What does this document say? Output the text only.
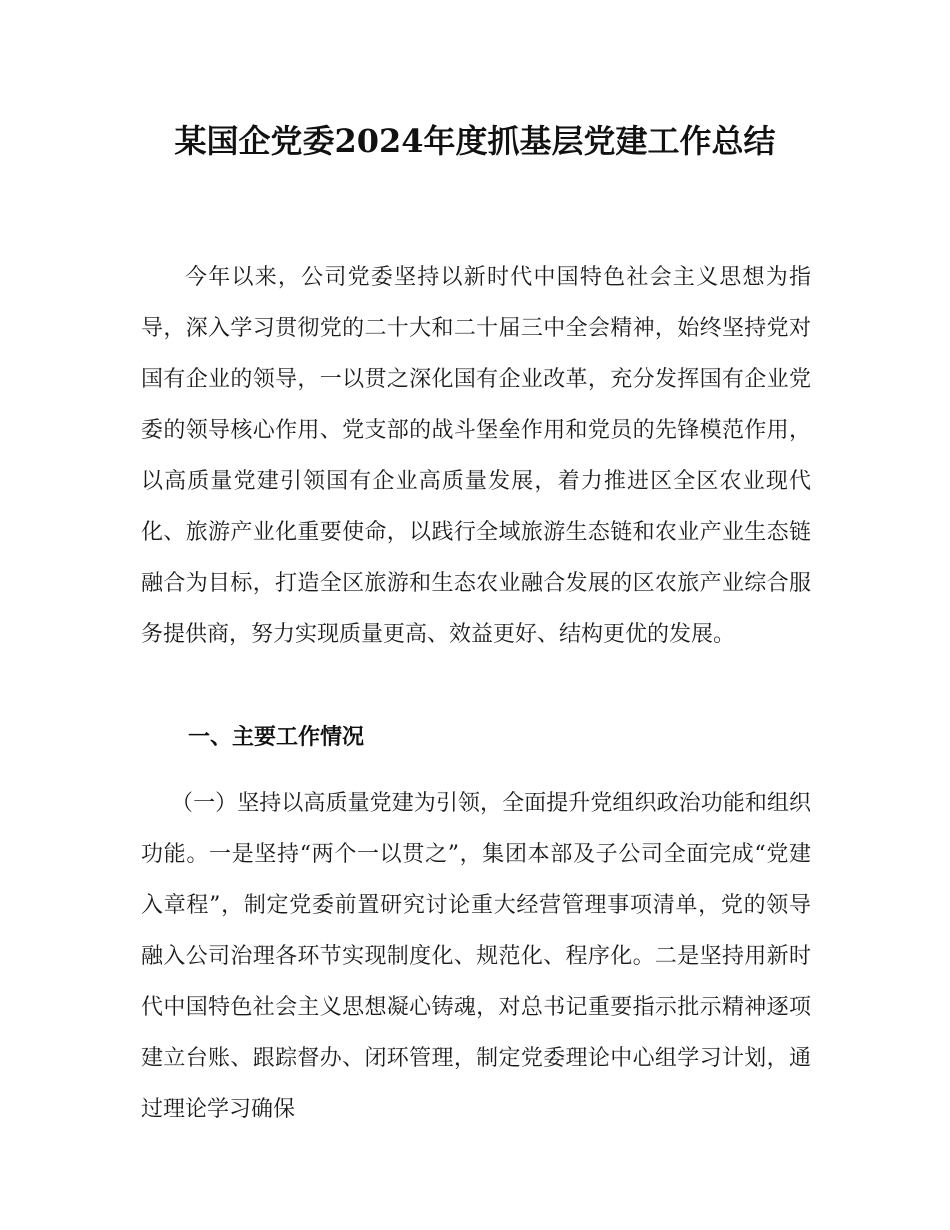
某国企党委2024年度抓基层党建工作总结

今年以来，公司党委坚持以新时代中国特色社会主义思想为指导，深入学习贯彻党的二十大和二十届三中全会精神，始终坚持党对国有企业的领导，一以贯之深化国有企业改革，充分发挥国有企业党委的领导核心作用、党支部的战斗堡垒作用和党员的先锋模范作用，以高质量党建引领国有企业高质量发展，着力推进区全区农业现代化、旅游产业化重要使命，以践行全域旅游生态链和农业产业生态链融合为目标，打造全区旅游和生态农业融合发展的区农旅产业综合服务提供商，努力实现质量更高、效益更好、结构更优的发展。

一、主要工作情况

（一）坚持以高质量党建为引领，全面提升党组织政治功能和组织功能。一是坚持“两个一以贯之”，集团本部及子公司全面完成“党建入章程”，制定党委前置研究讨论重大经营管理事项清单，党的领导融入公司治理各环节实现制度化、规范化、程序化。二是坚持用新时代中国特色社会主义思想凝心铸魂，对总书记重要指示批示精神逐项建立台账、跟踪督办、闭环管理，制定党委理论中心组学习计划，通过理论学习确保
